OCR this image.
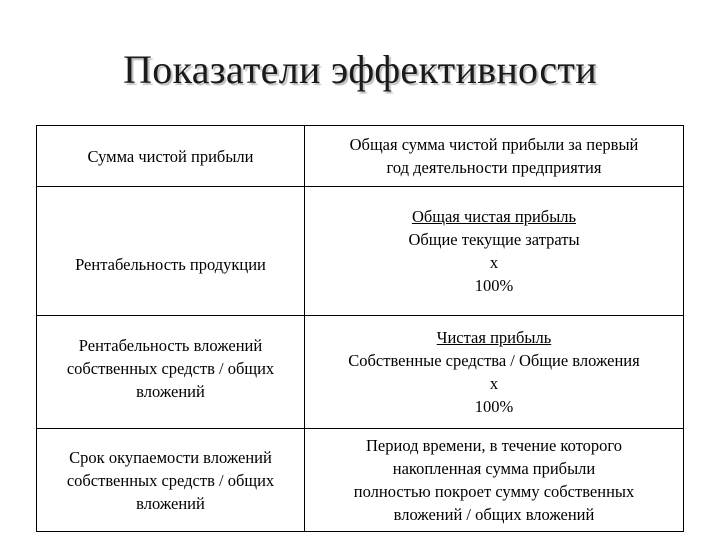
Показатели эффективности
Сумма чистой прибыли	Общая сумма чистой прибыли за первый
год деятельности предприятия

Рентабельность продукции	Общая чистая прибыль
Общие текущие затраты
х
100%

Рентабельность вложений
собственных средств / общих
вложений	Чистая прибыль
Собственные средства / Общие вложения
х
100%

Срок окупаемости вложений
собственных средств / общих
вложений	Период времени, в течение которого
накопленная сумма прибыли
полностью покроет сумму собственных
вложений / общих вложений
